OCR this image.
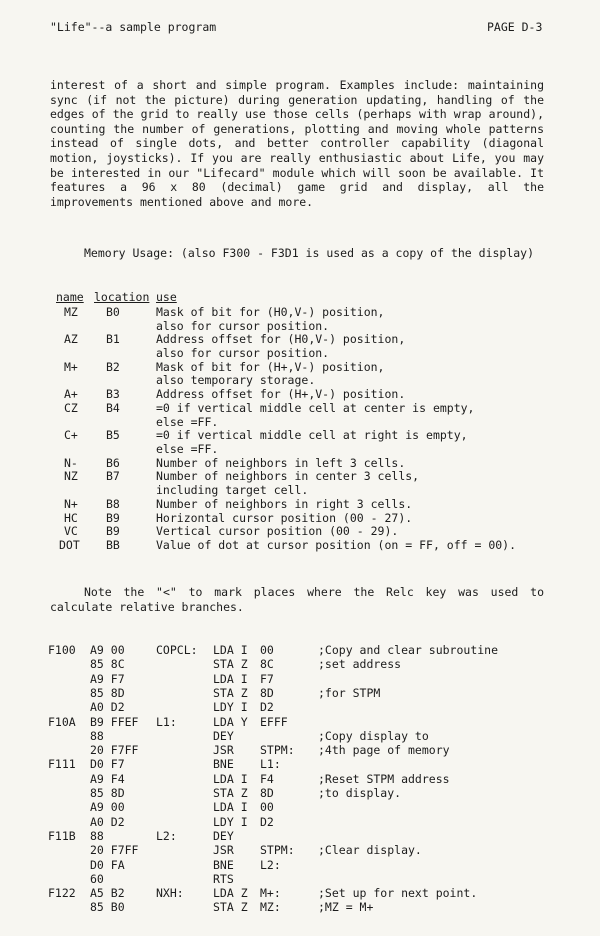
"Life"--a sample program	PAGE D-3
interest of a short and simple program. Examples include: maintaining sync (if not the picture) during generation updating, handling of the edges of the grid to really use those cells (perhaps with wrap around), counting the number of generations, plotting and moving whole patterns instead of single dots, and better controller capability (diagonal motion, joysticks). If you are really enthusiastic about Life, you may be interested in our "Lifecard" module which will soon be available. It features a 96 x 80 (decimal) game grid and display, all the improvements mentioned above and more.
Memory Usage: (also F300 - F3D1 is used as a copy of the display)
name location use
MZ B0	Mask of bit for (H0,V-) position,
also for cursor position.
AZ B1	Address offset for (H0,V-) position,
also for cursor position.
M+ B2	Mask of bit for (H+,V-) position,
also temporary storage.
A+ B3	Address offset for (H+,V-) position.
CZ B4	=0 if vertical middle cell at center is empty,
else =FF.
C+ B5	=0 if vertical middle cell at right is empty,
else =FF.
N- B6	Number of neighbors in left 3 cells.
NZ B7	Number of neighbors in center 3 cells,
including target cell.
N+ B8	Number of neighbors in right 3 cells.
HC B9	Horizontal cursor position (00 - 27).
VC B9	Vertical cursor position (00 - 29).
DOT BB	Value of dot at cursor position (on = FF, off = 00).
Note the "<" to mark places where the Relc key was used to calculate relative branches.
F100 A9 00	COPCL: LDA I 00	;Copy and clear subroutine
85 8C	STA Z 8C	;set address
A9 F7	LDA I F7
85 8D	STA Z 8D	;for STPM
A0 D2	LDY I D2
F10A B9 FFEF L1:	LDA Y EFFF
88	DEY	;Copy display to
20 F7FF	JSR STPM: ;4th page of memory
F111 D0 F7	BNE L1:
A9 F4	LDA I F4	;Reset STPM address
85 8D	STA Z 8D	;to display.
A9 00	LDA I 00
A0 D2	LDY I D2
F11B 88	L2:	DEY
20 F7FF	JSR STPM: ;Clear display.
D0 FA	BNE L2:
60	RTS
F122 A5 B2	NXH:	LDA Z M+:	;Set up for next point.
85 B0	STA Z MZ:	;MZ = M+
